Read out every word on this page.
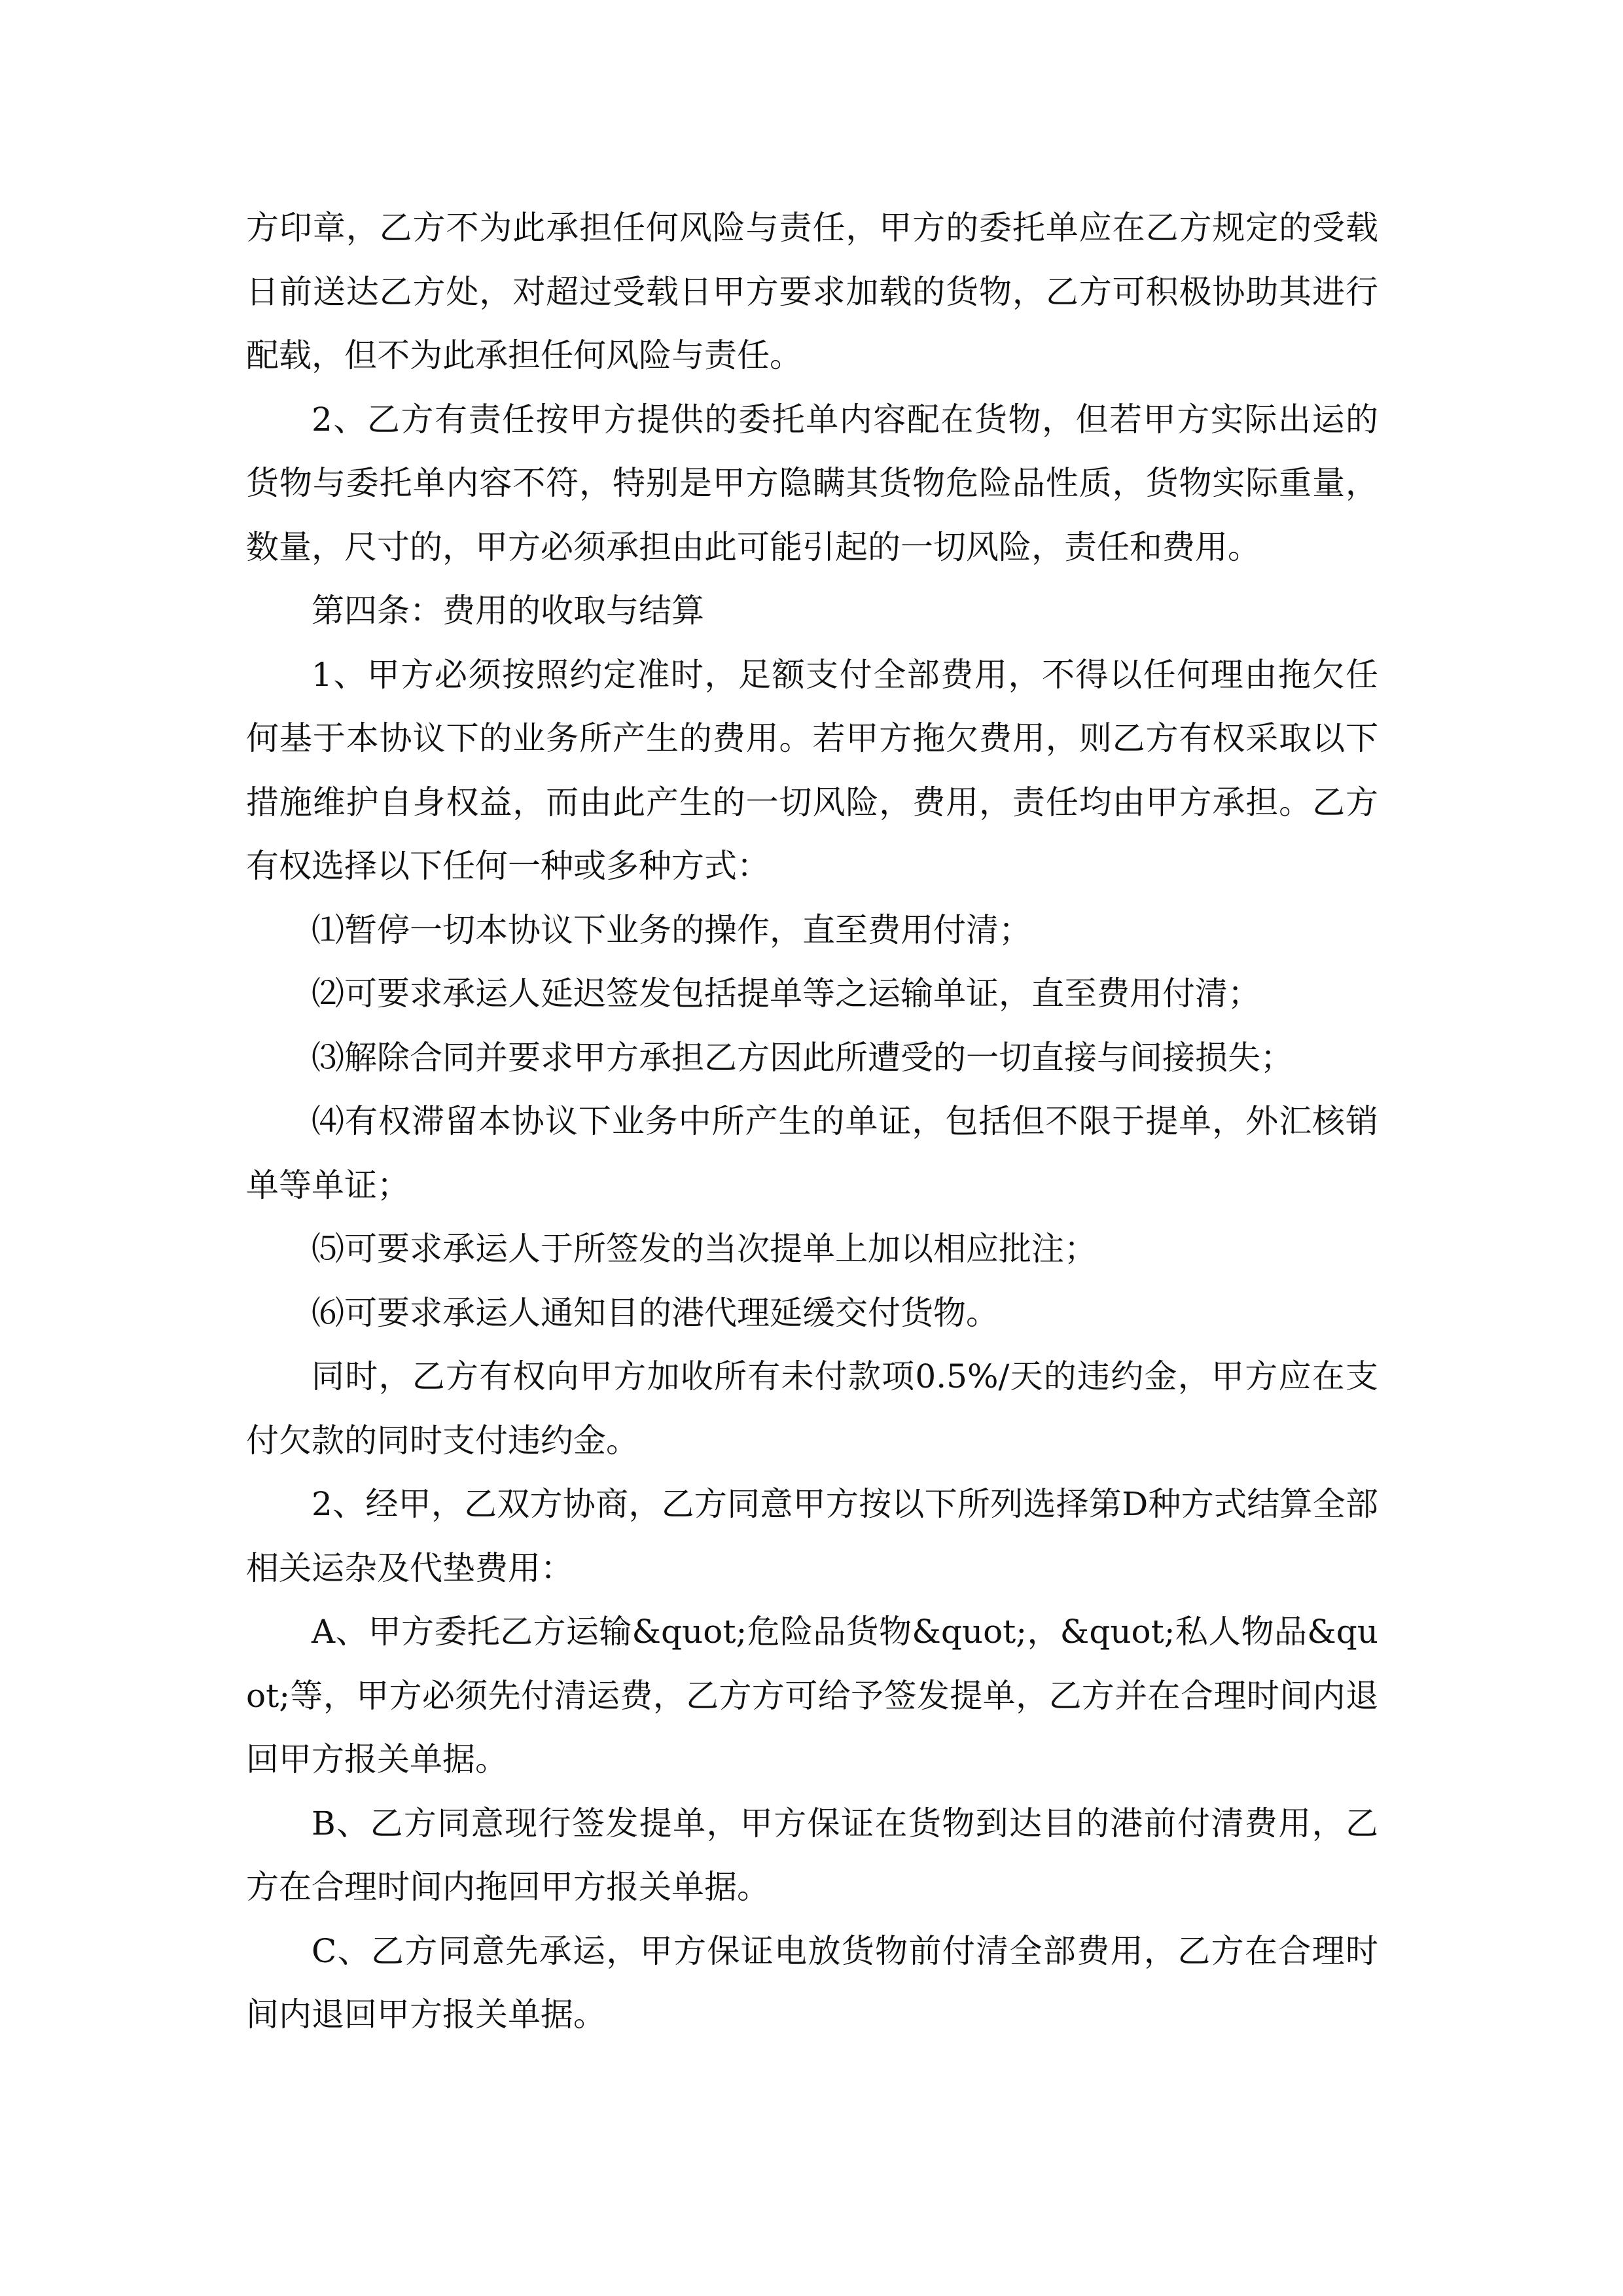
方印章，乙方不为此承担任何风险与责任，甲方的委托单应在乙方规定的受载日前送达乙方处，对超过受载日甲方要求加载的货物，乙方可积极协助其进行配载，但不为此承担任何风险与责任。

2、乙方有责任按甲方提供的委托单内容配在货物，但若甲方实际出运的货物与委托单内容不符，特别是甲方隐瞒其货物危险品性质，货物实际重量，数量，尺寸的，甲方必须承担由此可能引起的一切风险，责任和费用。

第四条：费用的收取与结算

1、甲方必须按照约定准时，足额支付全部费用，不得以任何理由拖欠任何基于本协议下的业务所产生的费用。若甲方拖欠费用，则乙方有权采取以下措施维护自身权益，而由此产生的一切风险，费用，责任均由甲方承担。乙方有权选择以下任何一种或多种方式：

⑴暂停一切本协议下业务的操作，直至费用付清；

⑵可要求承运人延迟签发包括提单等之运输单证，直至费用付清；

⑶解除合同并要求甲方承担乙方因此所遭受的一切直接与间接损失；

⑷有权滞留本协议下业务中所产生的单证，包括但不限于提单，外汇核销单等单证；

⑸可要求承运人于所签发的当次提单上加以相应批注；

⑹可要求承运人通知目的港代理延缓交付货物。

同时，乙方有权向甲方加收所有未付款项0.5%/天的违约金，甲方应在支付欠款的同时支付违约金。

2、经甲，乙双方协商，乙方同意甲方按以下所列选择第D种方式结算全部相关运杂及代垫费用：

A、甲方委托乙方运输&quot;危险品货物&quot;，&quot;私人物品&quot;等，甲方必须先付清运费，乙方方可给予签发提单，乙方并在合理时间内退回甲方报关单据。

B、乙方同意现行签发提单，甲方保证在货物到达目的港前付清费用，乙方在合理时间内拖回甲方报关单据。

C、乙方同意先承运，甲方保证电放货物前付清全部费用，乙方在合理时间内退回甲方报关单据。
